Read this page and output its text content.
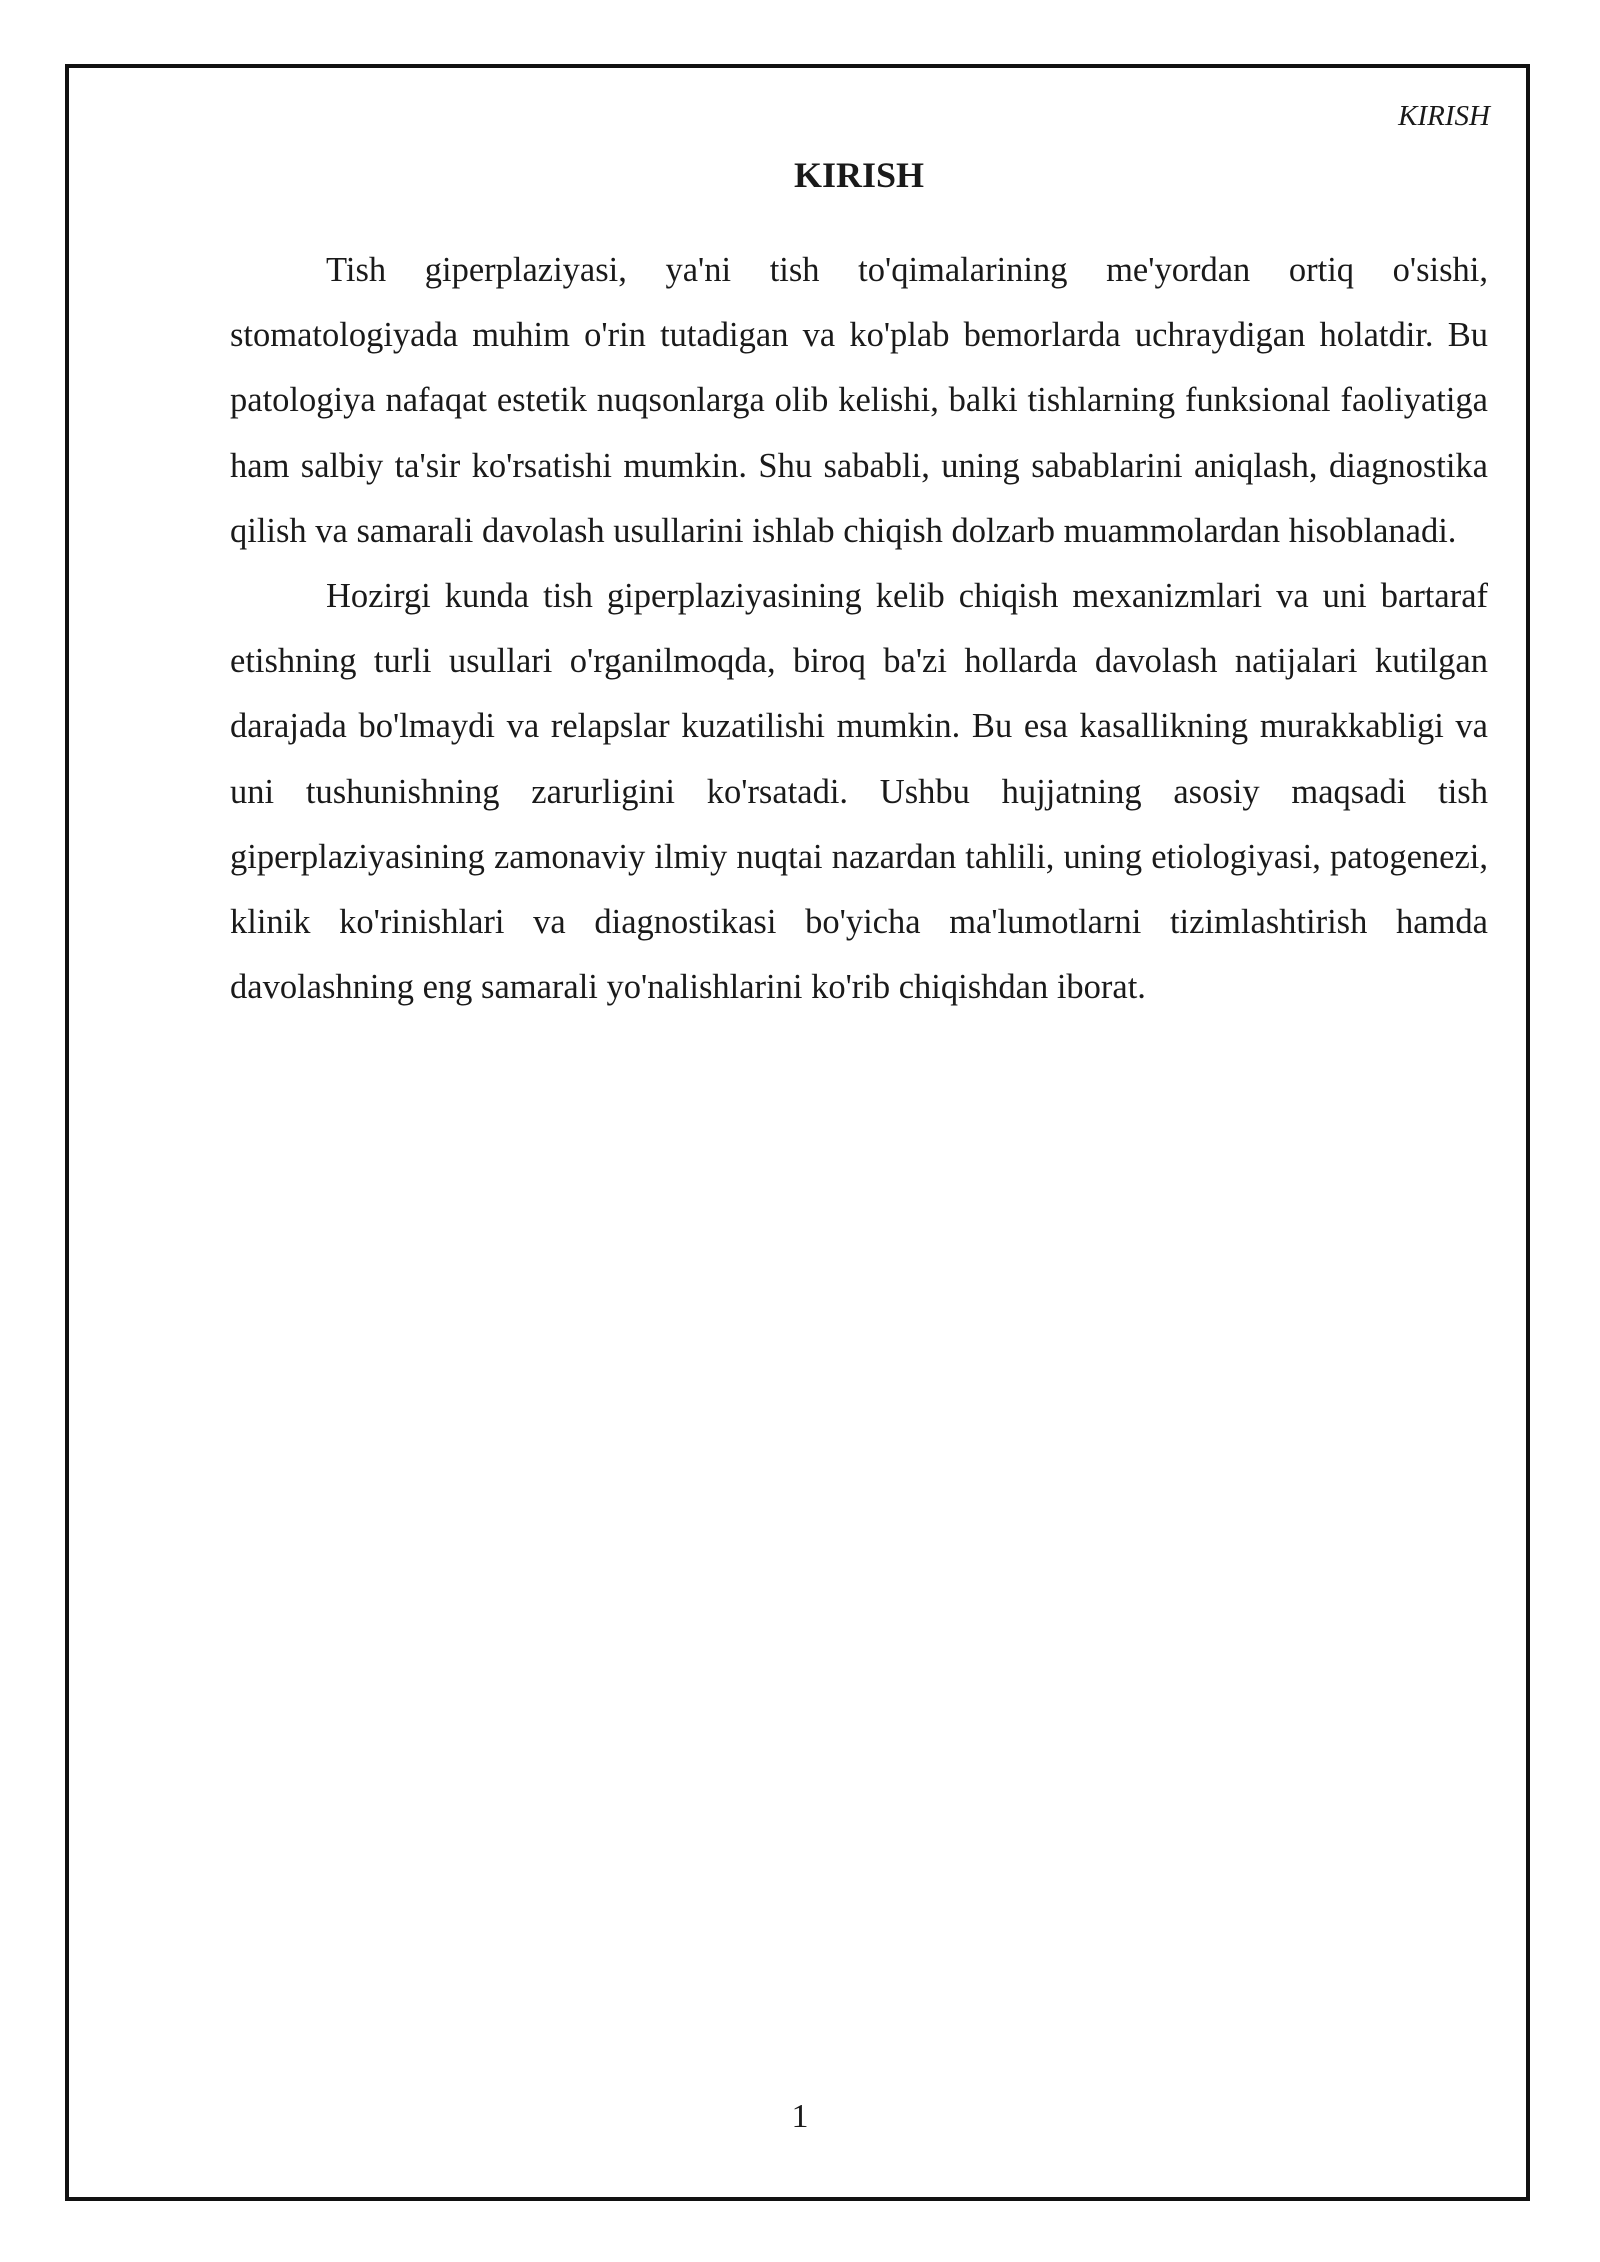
KIRISH

KIRISH

Tish giperplaziyasi, ya'ni tish to'qimalarining me'yordan ortiq o'sishi, stomatologiyada muhim o'rin tutadigan va ko'plab bemorlarda uchraydigan holatdir. Bu patologiya nafaqat estetik nuqsonlarga olib kelishi, balki tishlarning funksional faoliyatiga ham salbiy ta'sir ko'rsatishi mumkin. Shu sababli, uning sabablarini aniqlash, diagnostika qilish va samarali davolash usullarini ishlab chiqish dolzarb muammolardan hisoblanadi.

Hozirgi kunda tish giperplaziyasining kelib chiqish mexanizmlari va uni bartaraf etishning turli usullari o'rganilmoqda, biroq ba'zi hollarda davolash natijalari kutilgan darajada bo'lmaydi va relapslar kuzatilishi mumkin. Bu esa kasallikning murakkabligi va uni tushunishning zarurligini ko'rsatadi. Ushbu hujjatning asosiy maqsadi tish giperplaziyasining zamonaviy ilmiy nuqtai nazardan tahlili, uning etiologiyasi, patogenezi, klinik ko'rinishlari va diagnostikasi bo'yicha ma'lumotlarni tizimlashtirish hamda davolashning eng samarali yo'nalishlarini ko'rib chiqishdan iborat.

1
